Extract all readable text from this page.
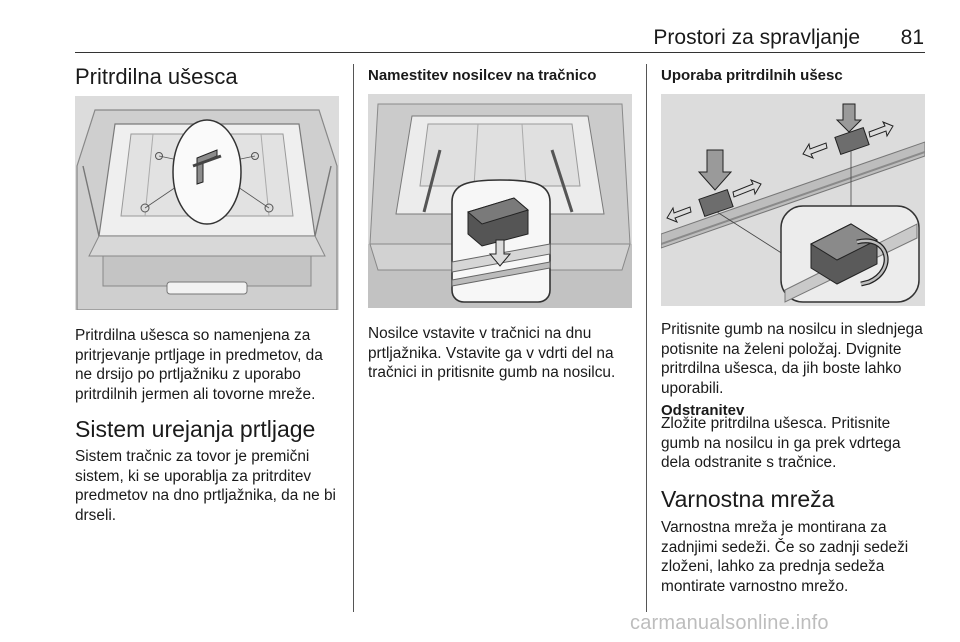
Prostori za spravljanje	81
Pritrdilna ušesca

Pritrdilna ušesca so namenjena za pritrjevanje prtljage in predmetov, da ne drsijo po prtljažniku z uporabo pritrdilnih jermen ali tovorne mreže.

Sistem urejanja prtljage

Sistem tračnic za tovor je premični sistem, ki se uporablja za pritrditev predmetov na dno prtljažnika, da ne bi drseli.

Namestitev nosilcev na tračnico

Nosilce vstavite v tračnici na dnu prtljažnika. Vstavite ga v vdrti del na tračnici in pritisnite gumb na nosilcu.

Uporaba pritrdilnih ušesc

Pritisnite gumb na nosilcu in slednjega potisnite na želeni položaj. Dvignite pritrdilna ušesca, da jih boste lahko uporabili.

Odstranitev

Zložite pritrdilna ušesca. Pritisnite gumb na nosilcu in ga prek vdrtega dela odstranite s tračnice.

Varnostna mreža

Varnostna mreža je montirana za zadnjimi sedeži. Če so zadnji sedeži zloženi, lahko za prednja sedeža montirate varnostno mrežo.

carmanualsonline.info
